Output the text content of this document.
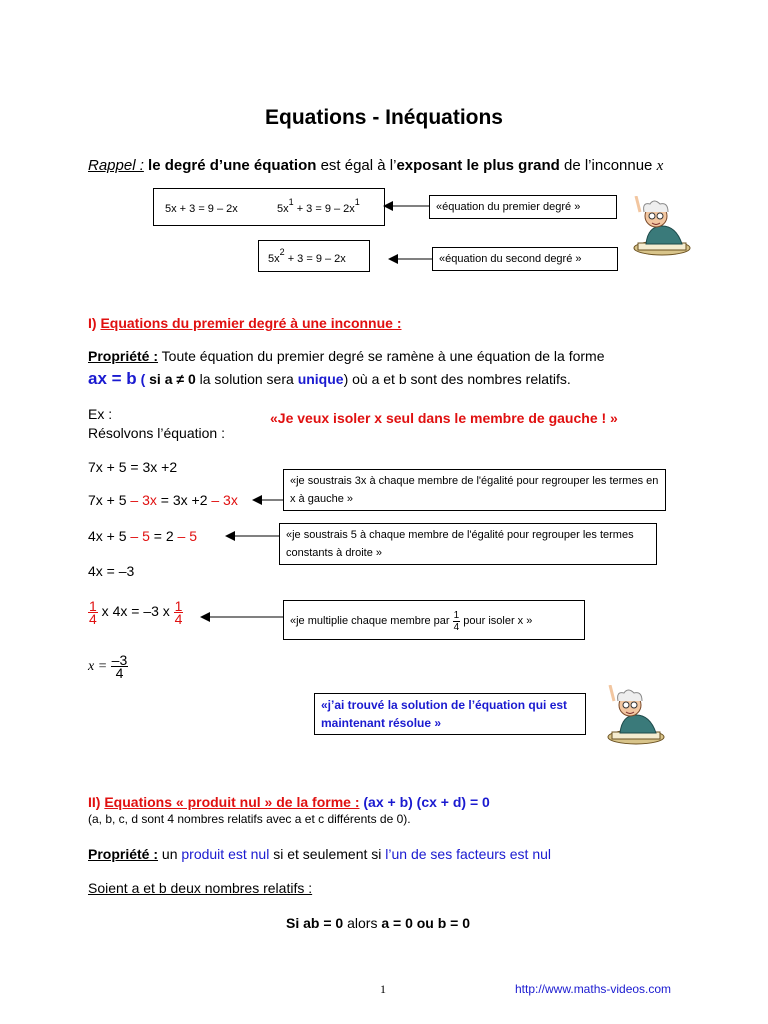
Equations - Inéquations
Rappel : le degré d’une équation est égal à l’exposant le plus grand de l’inconnue x
5x + 3 = 9 – 2x	$5x^1 + 3 = 9 - 2x^1$	«équation du premier degré »
$5x^2 + 3 = 9 - 2x$	«équation du second degré »
I) Equations du premier degré à une inconnue :
Propriété : Toute équation du premier degré se ramène à une équation de la forme
ax = b ( si a ≠ 0 la solution sera unique) où a et b sont des nombres relatifs.
Ex :
Résolvons l’équation :
«Je veux isoler x seul dans le membre de gauche ! »
7x + 5 = 3x +2
7x + 5 – 3x = 3x +2 – 3x
4x + 5 – 5 = 2 – 5
4x = –3
$\frac{1}{4}$ x 4x = –3 x $\frac{1}{4}$
$x = \frac{-3}{4}$
«je soustrais 3x à chaque membre de l'égalité pour regrouper les termes en x à gauche »
«je soustrais 5 à chaque membre de l'égalité pour regrouper les termes constants à droite »
«je multiplie chaque membre par $\frac{1}{4}$ pour isoler x »
«j’ai trouvé la solution de l’équation qui est maintenant résolue »
II) Equations « produit nul » de la forme : (ax + b) (cx + d) = 0
(a, b, c, d sont 4 nombres relatifs avec a et c différents de 0).
Propriété : un produit est nul si et seulement si l’un de ses facteurs est nul
Soient a et b deux nombres relatifs :
Si ab = 0 alors a = 0 ou b = 0
1	http://www.maths-videos.com
